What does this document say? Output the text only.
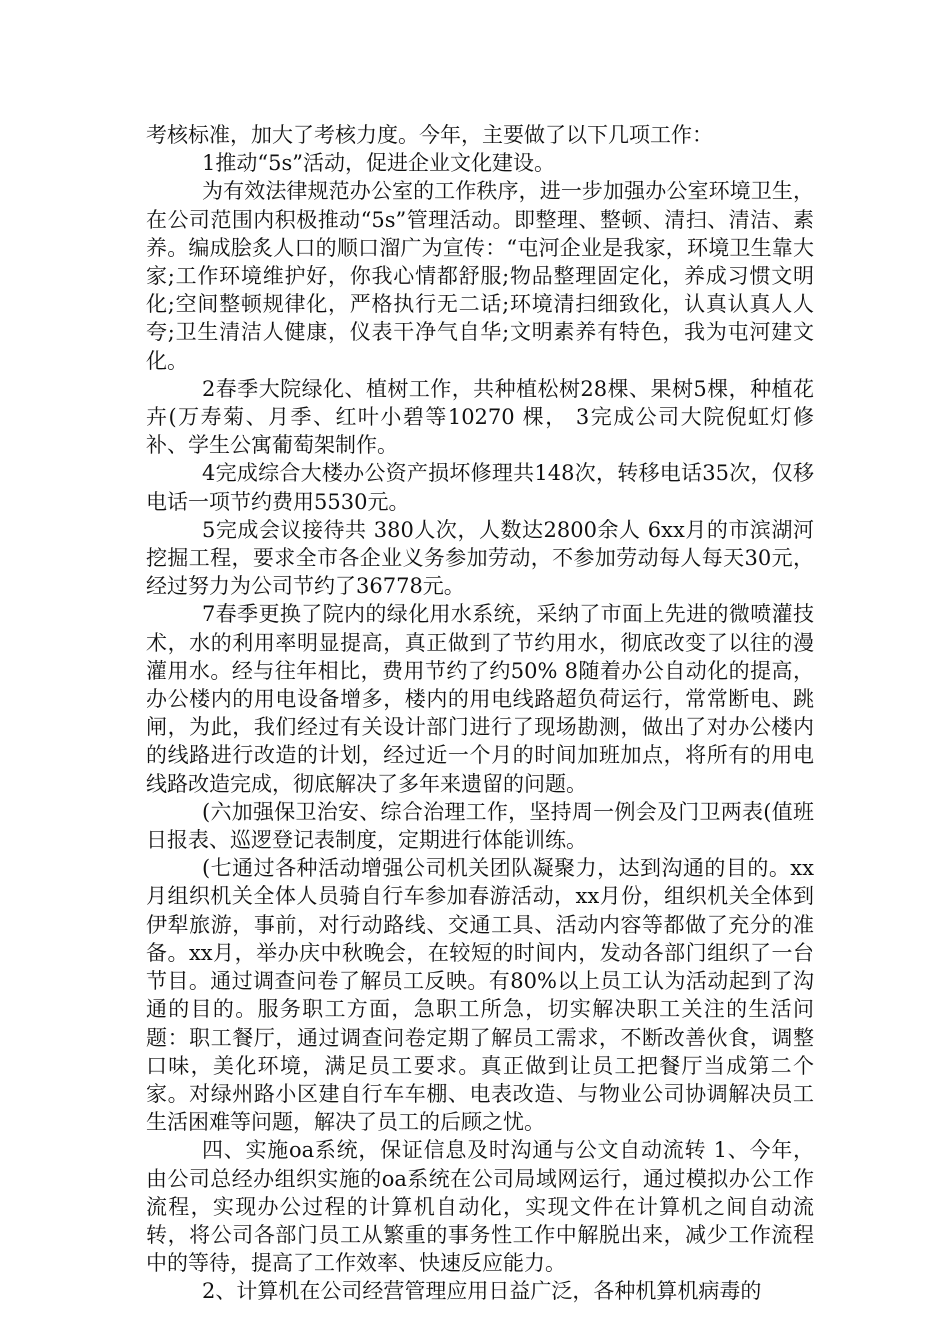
考核标准，加大了考核力度。今年，主要做了以下几项工作：

1推动“5s”活动，促进企业文化建设。

为有效法律规范办公室的工作秩序，进一步加强办公室环境卫生，在公司范围内积极推动“5s”管理活动。即整理、整顿、清扫、清洁、素养。编成脍炙人口的顺口溜广为宣传：“屯河企业是我家，环境卫生靠大家;工作环境维护好，你我心情都舒服;物品整理固定化，养成习惯文明化;空间整顿规律化，严格执行无二话;环境清扫细致化，认真认真人人夸;卫生清洁人健康，仪表干净气自华;文明素养有特色，我为屯河建文化。

2春季大院绿化、植树工作，共种植松树28棵、果树5棵，种植花卉(万寿菊、月季、红叶小碧等10270 棵， 3完成公司大院倪虹灯修补、学生公寓葡萄架制作。

4完成综合大楼办公资产损坏修理共148次，转移电话35次，仅移电话一项节约费用5530元。

5完成会议接待共 380人次，人数达2800余人 6xx月的市滨湖河挖掘工程，要求全市各企业义务参加劳动，不参加劳动每人每天30元，经过努力为公司节约了36778元。

7春季更换了院内的绿化用水系统，采纳了市面上先进的微喷灌技术，水的利用率明显提高，真正做到了节约用水，彻底改变了以往的漫灌用水。经与往年相比，费用节约了约50% 8随着办公自动化的提高，办公楼内的用电设备增多，楼内的用电线路超负荷运行，常常断电、跳闸，为此，我们经过有关设计部门进行了现场勘测，做出了对办公楼内的线路进行改造的计划，经过近一个月的时间加班加点，将所有的用电线路改造完成，彻底解决了多年来遗留的问题。

(六加强保卫治安、综合治理工作，坚持周一例会及门卫两表(值班日报表、巡逻登记表制度，定期进行体能训练。

(七通过各种活动增强公司机关团队凝聚力，达到沟通的目的。xx月组织机关全体人员骑自行车参加春游活动，xx月份，组织机关全体到伊犁旅游，事前，对行动路线、交通工具、活动内容等都做了充分的准备。xx月，举办庆中秋晚会，在较短的时间内，发动各部门组织了一台节目。通过调查问卷了解员工反映。有80%以上员工认为活动起到了沟通的目的。服务职工方面，急职工所急，切实解决职工关注的生活问题：职工餐厅，通过调查问卷定期了解员工需求，不断改善伙食，调整口味，美化环境，满足员工要求。真正做到让员工把餐厅当成第二个家。对绿州路小区建自行车车棚、电表改造、与物业公司协调解决员工生活困难等问题，解决了员工的后顾之忧。

四、实施oa系统，保证信息及时沟通与公文自动流转 1、今年，由公司总经办组织实施的oa系统在公司局域网运行，通过模拟办公工作流程，实现办公过程的计算机自动化，实现文件在计算机之间自动流转，将公司各部门员工从繁重的事务性工作中解脱出来，减少工作流程中的等待，提高了工作效率、快速反应能力。

2、计算机在公司经营管理应用日益广泛，各种机算机病毒的
